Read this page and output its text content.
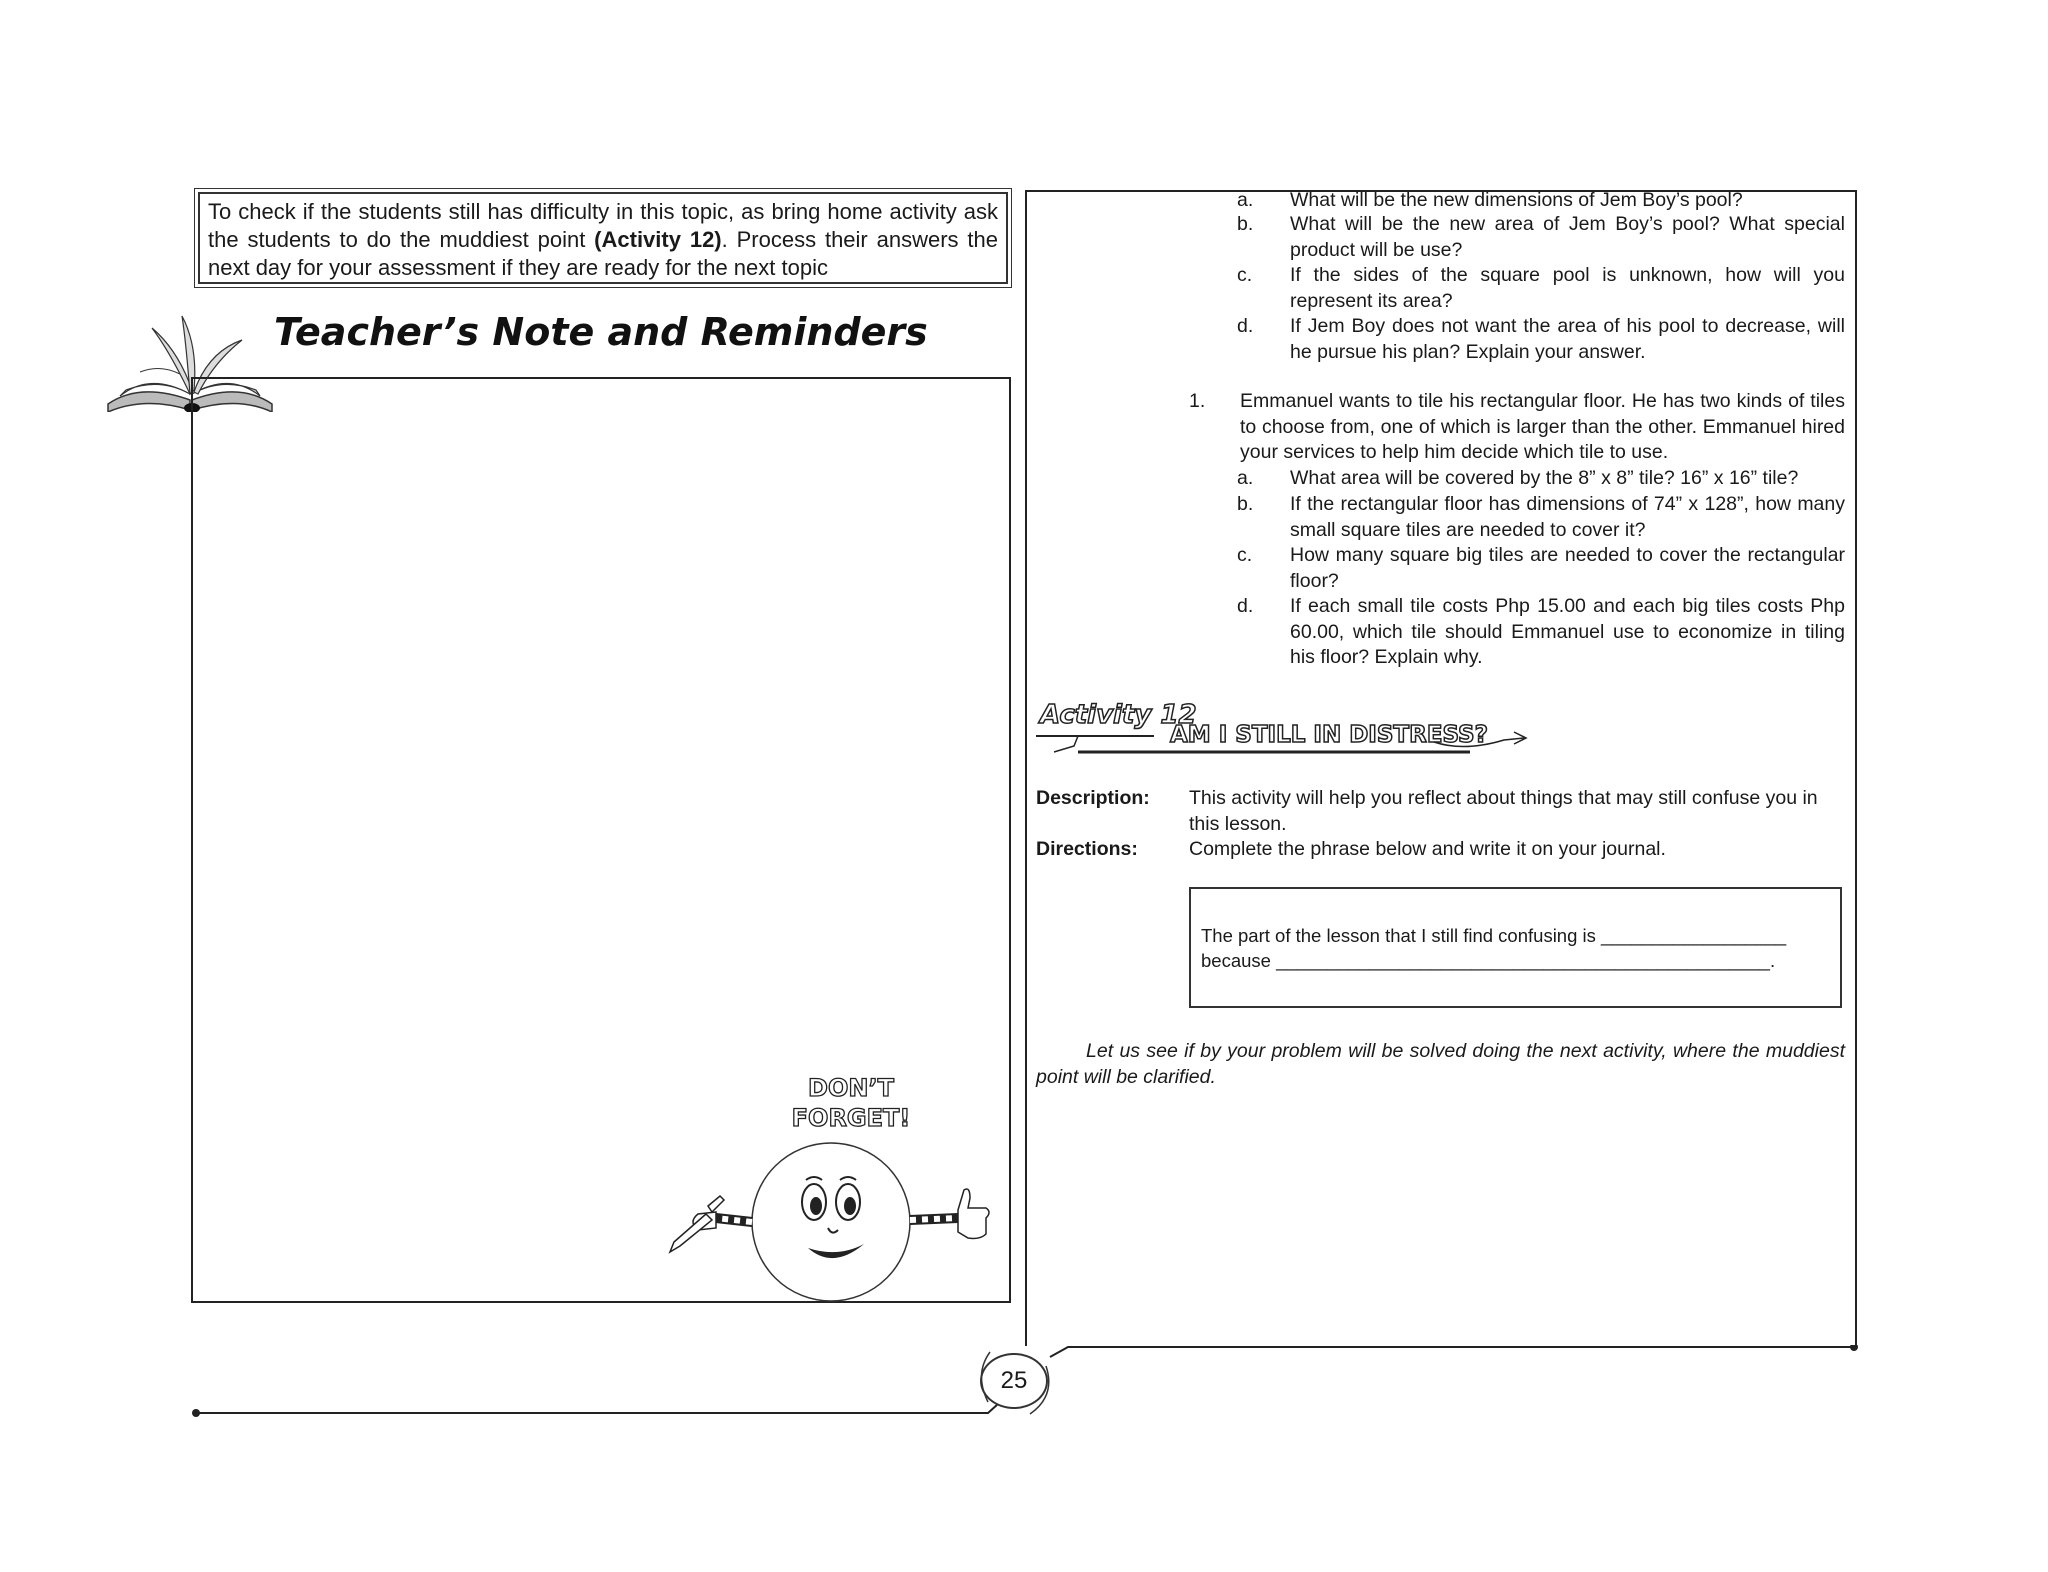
To check if the students still has difficulty in this topic, as bring home activity ask the students to do the muddiest point (Activity 12). Process their answers the next day for your assessment if they are ready for the next topic
Teacher’s Note and Reminders
DON’T
FORGET!
25
a. What will be the new dimensions of Jem Boy’s pool?
b. What will be the new area of Jem Boy’s pool? What special product will be use?
c. If the sides of the square pool is unknown, how will you represent its area?
d. If Jem Boy does not want the area of his pool to decrease, will he pursue his plan? Explain your answer.
1. Emmanuel wants to tile his rectangular floor. He has two kinds of tiles to choose from, one of which is larger than the other. Emmanuel hired your services to help him decide which tile to use.
a. What area will be covered by the 8” x 8” tile? 16” x 16” tile?
b. If the rectangular floor has dimensions of 74” x 128”, how many small square tiles are needed to cover it?
c. How many square big tiles are needed to cover the rectangular floor?
d. If each small tile costs Php 15.00 and each big tiles costs Php 60.00, which tile should Emmanuel use to economize in tiling his floor? Explain why.
Activity 12
AM I STILL IN DISTRESS?
Description: This activity will help you reflect about things that may still confuse you in this lesson.
Directions:	Complete the phrase below and write it on your journal.
The part of the lesson that I still find confusing is __________________
because ________________________________________________.
Let us see if by your problem will be solved doing the next activity, where the muddiest point will be clarified.
